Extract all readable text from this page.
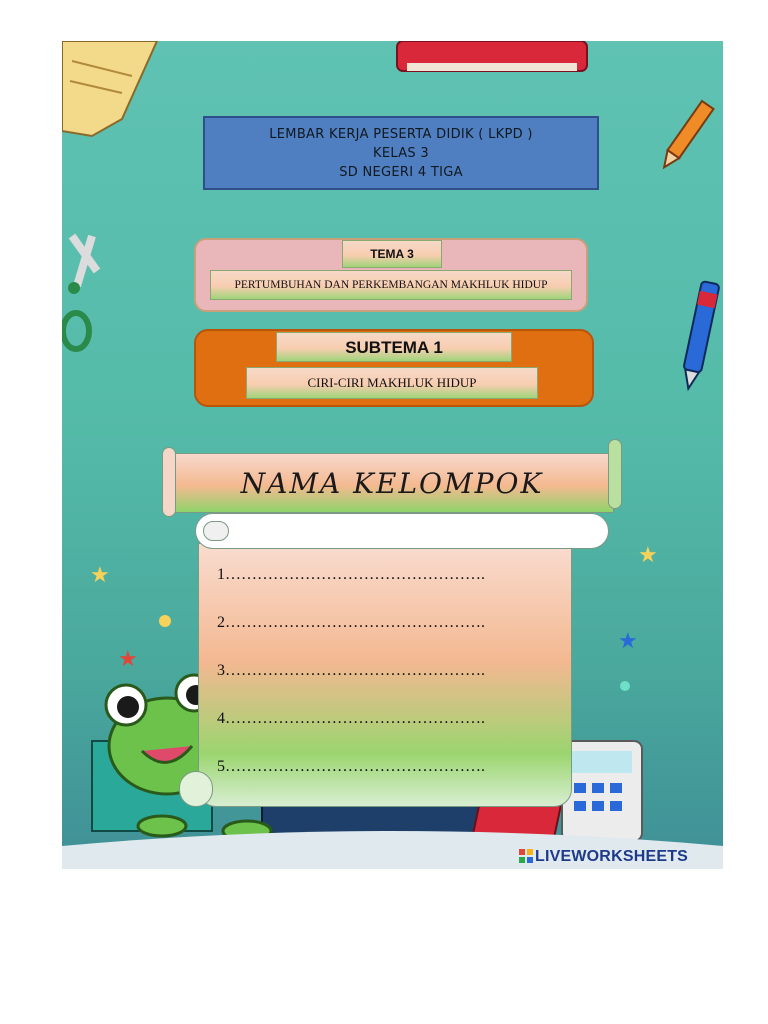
★
★
★
★
LEMBAR KERJA PESERTA DIDIK ( LKPD )
KELAS 3
SD NEGERI 4 TIGA
TEMA 3
PERTUMBUHAN DAN PERKEMBANGAN MAKHLUK HIDUP
SUBTEMA 1
CIRI-CIRI MAKHLUK HIDUP
NAMA KELOMPOK
1………………………………………….
2………………………………………….
3………………………………………….
4………………………………………….
5………………………………………….
LIVEWORKSHEETS
